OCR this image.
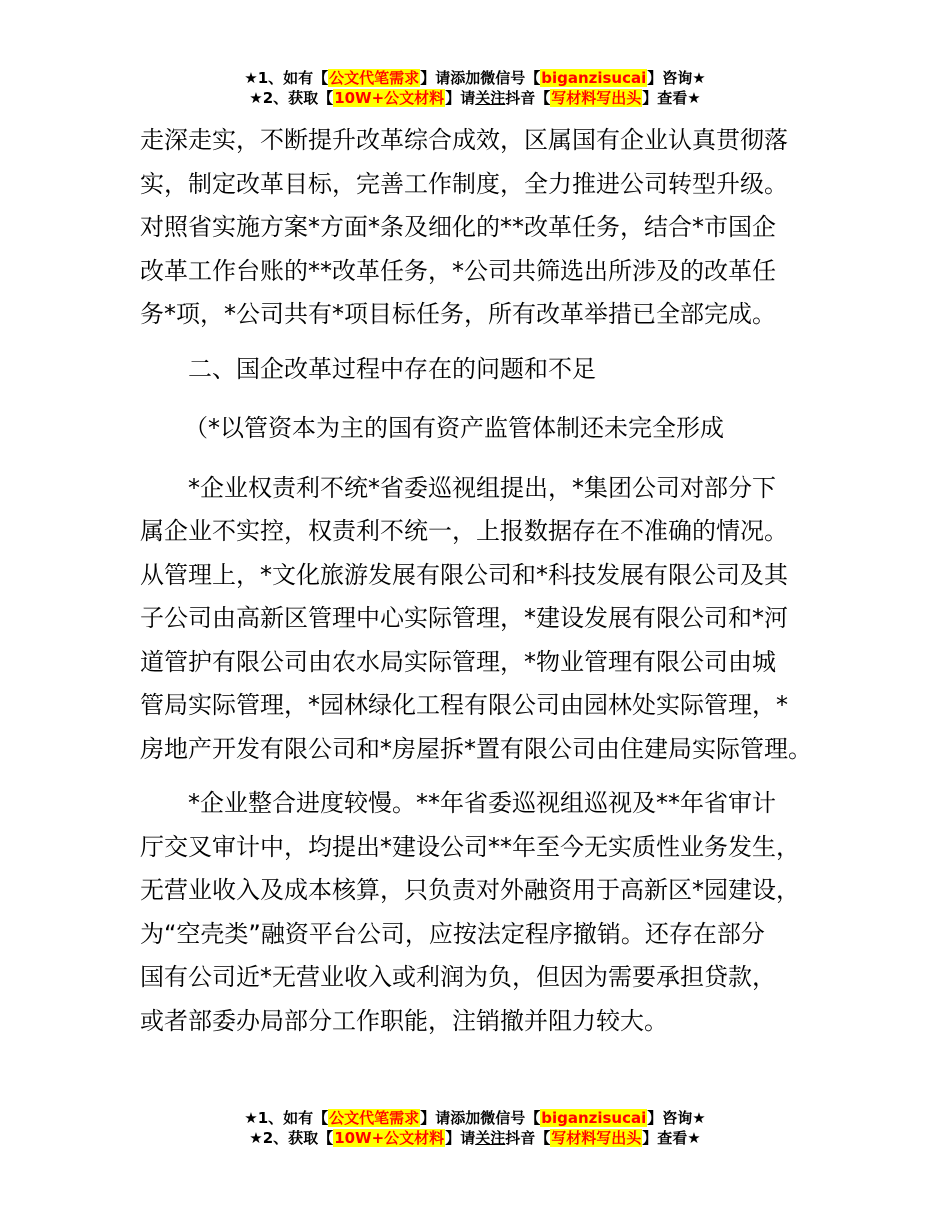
★1、如有【公文代笔需求】请添加微信号【biganzisucai】咨询★
★2、获取【10W+公文材料】请关注抖音【写材料写出头】查看★

走深走实，不断提升改革综合成效，区属国有企业认真贯彻落

实，制定改革目标，完善工作制度，全力推进公司转型升级。

对照省实施方案*方面*条及细化的**改革任务，结合*市国企

改革工作台账的**改革任务，*公司共筛选出所涉及的改革任

务*项，*公司共有*项目标任务，所有改革举措已全部完成。

二、国企改革过程中存在的问题和不足

（*以管资本为主的国有资产监管体制还未完全形成

*企业权责利不统*省委巡视组提出，*集团公司对部分下

属企业不实控，权责利不统一，上报数据存在不准确的情况。

从管理上，*文化旅游发展有限公司和*科技发展有限公司及其

子公司由高新区管理中心实际管理，*建设发展有限公司和*河

道管护有限公司由农水局实际管理，*物业管理有限公司由城

管局实际管理，*园林绿化工程有限公司由园林处实际管理，*

房地产开发有限公司和*房屋拆*置有限公司由住建局实际管理。

*企业整合进度较慢。**年省委巡视组巡视及**年省审计

厅交叉审计中，均提出*建设公司**年至今无实质性业务发生，

无营业收入及成本核算，只负责对外融资用于高新区*园建设，

为“空壳类”融资平台公司，应按法定程序撤销。还存在部分

国有公司近*无营业收入或利润为负，但因为需要承担贷款，

或者部委办局部分工作职能，注销撤并阻力较大。

★1、如有【公文代笔需求】请添加微信号【biganzisucai】咨询★
★2、获取【10W+公文材料】请关注抖音【写材料写出头】查看★
